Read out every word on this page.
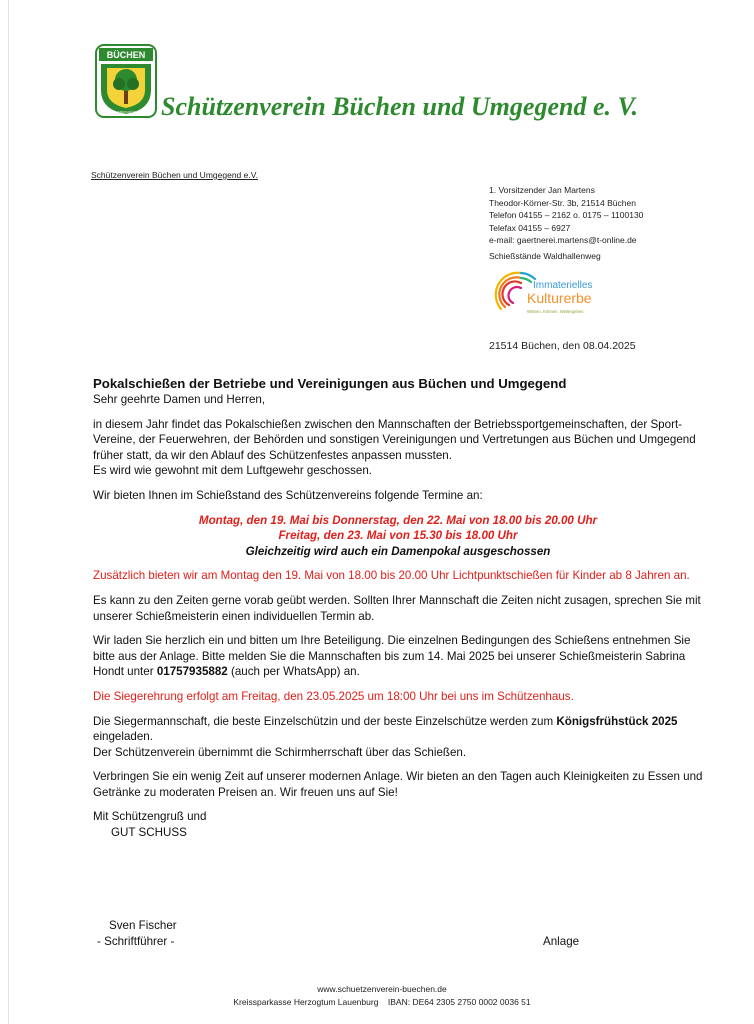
BÜCHEN
SCHÜTZENVEREIN BÜCHEN u.UMG. Schützenverein Büchen und Umgegend e. V.
Schützenverein Büchen und Umgegend e.V.
1. Vorsitzender Jan Martens
Theodor-Körner-Str. 3b, 21514 Büchen
Telefon 04155 – 2162 o. 0175 – 1100130
Telefax 04155 – 6927
e-mail: gaertnerei.martens@t-online.de
Schießstände Waldhallenweg
Immaterielles
Kulturerbe
Wissen. Können. Weitergeben.
21514 Büchen, den 08.04.2025

Pokalschießen der Betriebe und Vereinigungen aus Büchen und Umgegend

Sehr geehrte Damen und Herren,

in diesem Jahr findet das Pokalschießen zwischen den Mannschaften der Betriebssportgemeinschaften, der Sport-Vereine, der Feuerwehren, der Behörden und sonstigen Vereinigungen und Vertretungen aus Büchen und Umgegend früher statt, da wir den Ablauf des Schützenfestes anpassen mussten.

Es wird wie gewohnt mit dem Luftgewehr geschossen.

Wir bieten Ihnen im Schießstand des Schützenvereins folgende Termine an:

Montag, den 19. Mai bis Donnerstag, den 22. Mai von 18.00 bis 20.00 Uhr

Freitag, den 23. Mai von 15.30 bis 18.00 Uhr

Gleichzeitig wird auch ein Damenpokal ausgeschossen

Zusätzlich bieten wir am Montag den 19. Mai von 18.00 bis 20.00 Uhr Lichtpunktschießen für Kinder ab 8 Jahren an.

Es kann zu den Zeiten gerne vorab geübt werden. Sollten Ihrer Mannschaft die Zeiten nicht zusagen, sprechen Sie mit unserer Schießmeisterin einen individuellen Termin ab.

Wir laden Sie herzlich ein und bitten um Ihre Beteiligung. Die einzelnen Bedingungen des Schießens entnehmen Sie bitte aus der Anlage. Bitte melden Sie die Mannschaften bis zum 14. Mai 2025 bei unserer Schießmeisterin Sabrina Hondt unter 01757935882 (auch per WhatsApp) an.

Die Siegerehrung erfolgt am Freitag, den 23.05.2025 um 18:00 Uhr bei uns im Schützenhaus.

Die Siegermannschaft, die beste Einzelschützin und der beste Einzelschütze werden zum Königsfrühstück 2025 eingeladen.

Der Schützenverein übernimmt die Schirmherrschaft über das Schießen.

Verbringen Sie ein wenig Zeit auf unserer modernen Anlage. Wir bieten an den Tagen auch Kleinigkeiten zu Essen und Getränke zu moderaten Preisen an. Wir freuen uns auf Sie!

Mit Schützengruß und

GUT SCHUSS

Sven Fischer
- Schriftführer -	Anlage
www.schuetzenverein-buechen.de
Kreissparkasse Herzogtum Lauenburg IBAN: DE64 2305 2750 0002 0036 51
